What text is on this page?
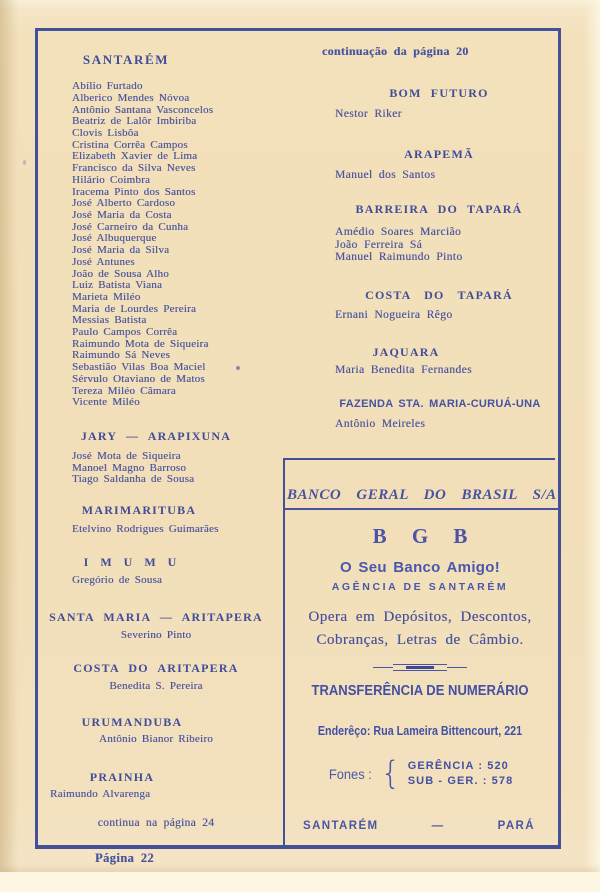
continuação da página 20
SANTARÉM
Abílio Furtado
Alberico Mendes Nóvoa
Antônio Santana Vasconcelos
Beatriz de Lalôr Imbiriba
Clovis Lisbôa
Cristina Corrêa Campos
Elizabeth Xavier de Lima
Francisco da Silva Neves
Hilário Coimbra
Iracema Pinto dos Santos
José Alberto Cardoso
José Maria da Costa
José Carneiro da Cunha
José Albuquerque
José Maria da Silva
José Antunes
João de Sousa Alho
Luiz Batista Viana
Marieta Miléo
Maria de Lourdes Pereira
Messias Batista
Paulo Campos Corrêa
Raimundo Mota de Siqueira
Raimundo Sá Neves
Sebastião Vilas Boa Maciel
Sérvulo Otaviano de Matos
Tereza Miléo Câmara
Vicente Miléo
JARY — ARAPIXUNA
José Mota de Siqueira
Manoel Magno Barroso
Tiago Saldanha de Sousa
MARIMARITUBA
Etelvino Rodrigues Guimarães
I M U M U
Gregório de Sousa
SANTA MARIA — ARITAPERA
Severino Pinto
COSTA DO ARITAPERA
Benedita S. Pereira
URUMANDUBA
Antônio Bianor Ribeiro
PRAINHA
Raimundo Alvarenga
continua na página 24
BOM FUTURO
Nestor Riker
ARAPEMÃ
Manuel dos Santos
BARREIRA DO TAPARÁ
Amédio Soares Marcião
João Ferreira Sá
Manuel Raimundo Pinto
COSTA DO TAPARÁ
Ernani Nogueira Rêgo
JAQUARA
Maria Benedita Fernandes
FAZENDA STA. MARIA-CURUÁ-UNA
Antônio Meireles
BANCO GERAL DO BRASIL S/A
B G B
O Seu Banco Amigo!
AGÊNCIA DE SANTARÉM
Opera em Depósitos, Descontos,
Cobranças, Letras de Câmbio.
TRANSFERÊNCIA DE NUMERÁRIO
Enderêço: Rua Lameira Bittencourt, 221
Fones : { GERÊNCIA : 520
SUB - GER. : 578
SANTARÉM	—	PARÁ
Página 22
